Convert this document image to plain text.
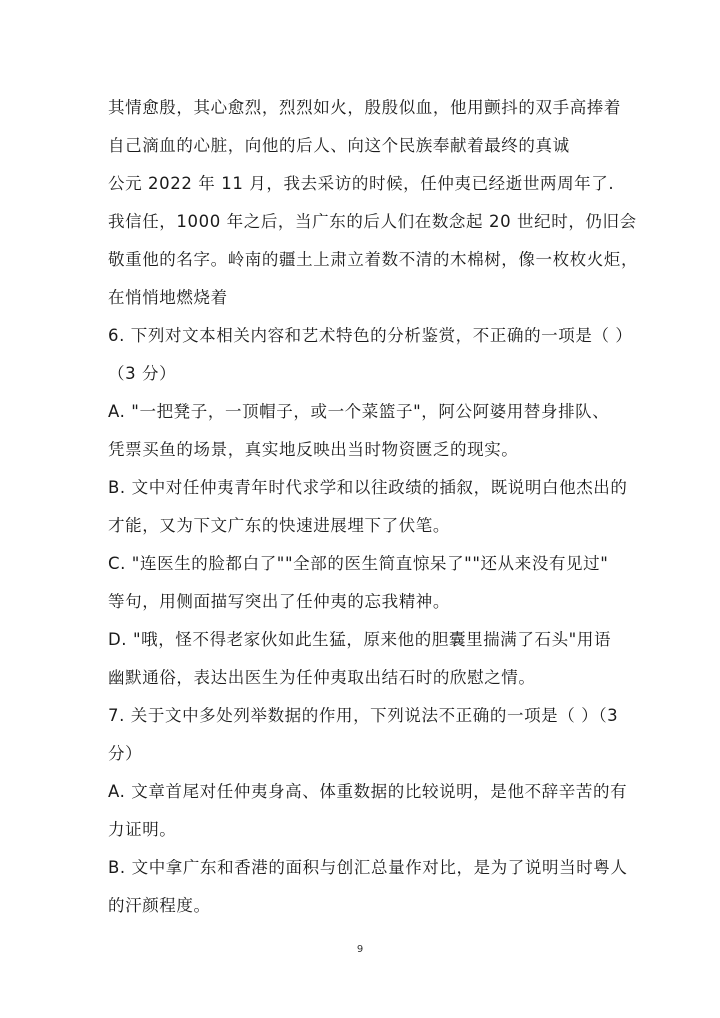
其情愈殷，其心愈烈，烈烈如火，殷殷似血，他用颤抖的双手高捧着
自己滴血的心脏，向他的后人、向这个民族奉献着最终的真诚
公元 2022 年 11 月，我去采访的时候，任仲夷已经逝世两周年了.
我信任，1000 年之后，当广东的后人们在数念起 20 世纪时，仍旧会
敬重他的名字。岭南的疆土上肃立着数不清的木棉树，像一枚枚火炬，
在悄悄地燃烧着
6. 下列对文本相关内容和艺术特色的分析鉴赏，不正确的一项是（ ）
（3 分）
A. "一把凳子，一顶帽子，或一个菜篮子"，阿公阿婆用替身排队、
凭票买鱼的场景，真实地反映出当时物资匮乏的现实。
B. 文中对任仲夷青年时代求学和以往政绩的插叙，既说明白他杰出的
才能，又为下文广东的快速进展埋下了伏笔。
C. "连医生的脸都白了""全部的医生简直惊呆了""还从来没有见过"
等句，用侧面描写突出了任仲夷的忘我精神。
D. "哦，怪不得老家伙如此生猛，原来他的胆囊里揣满了石头"用语
幽默通俗，表达出医生为任仲夷取出结石时的欣慰之情。
7. 关于文中多处列举数据的作用，下列说法不正确的一项是（ ）（3
分）
A. 文章首尾对任仲夷身高、体重数据的比较说明，是他不辞辛苦的有
力证明。
B. 文中拿广东和香港的面积与创汇总量作对比，是为了说明当时粤人
的汗颜程度。
9
